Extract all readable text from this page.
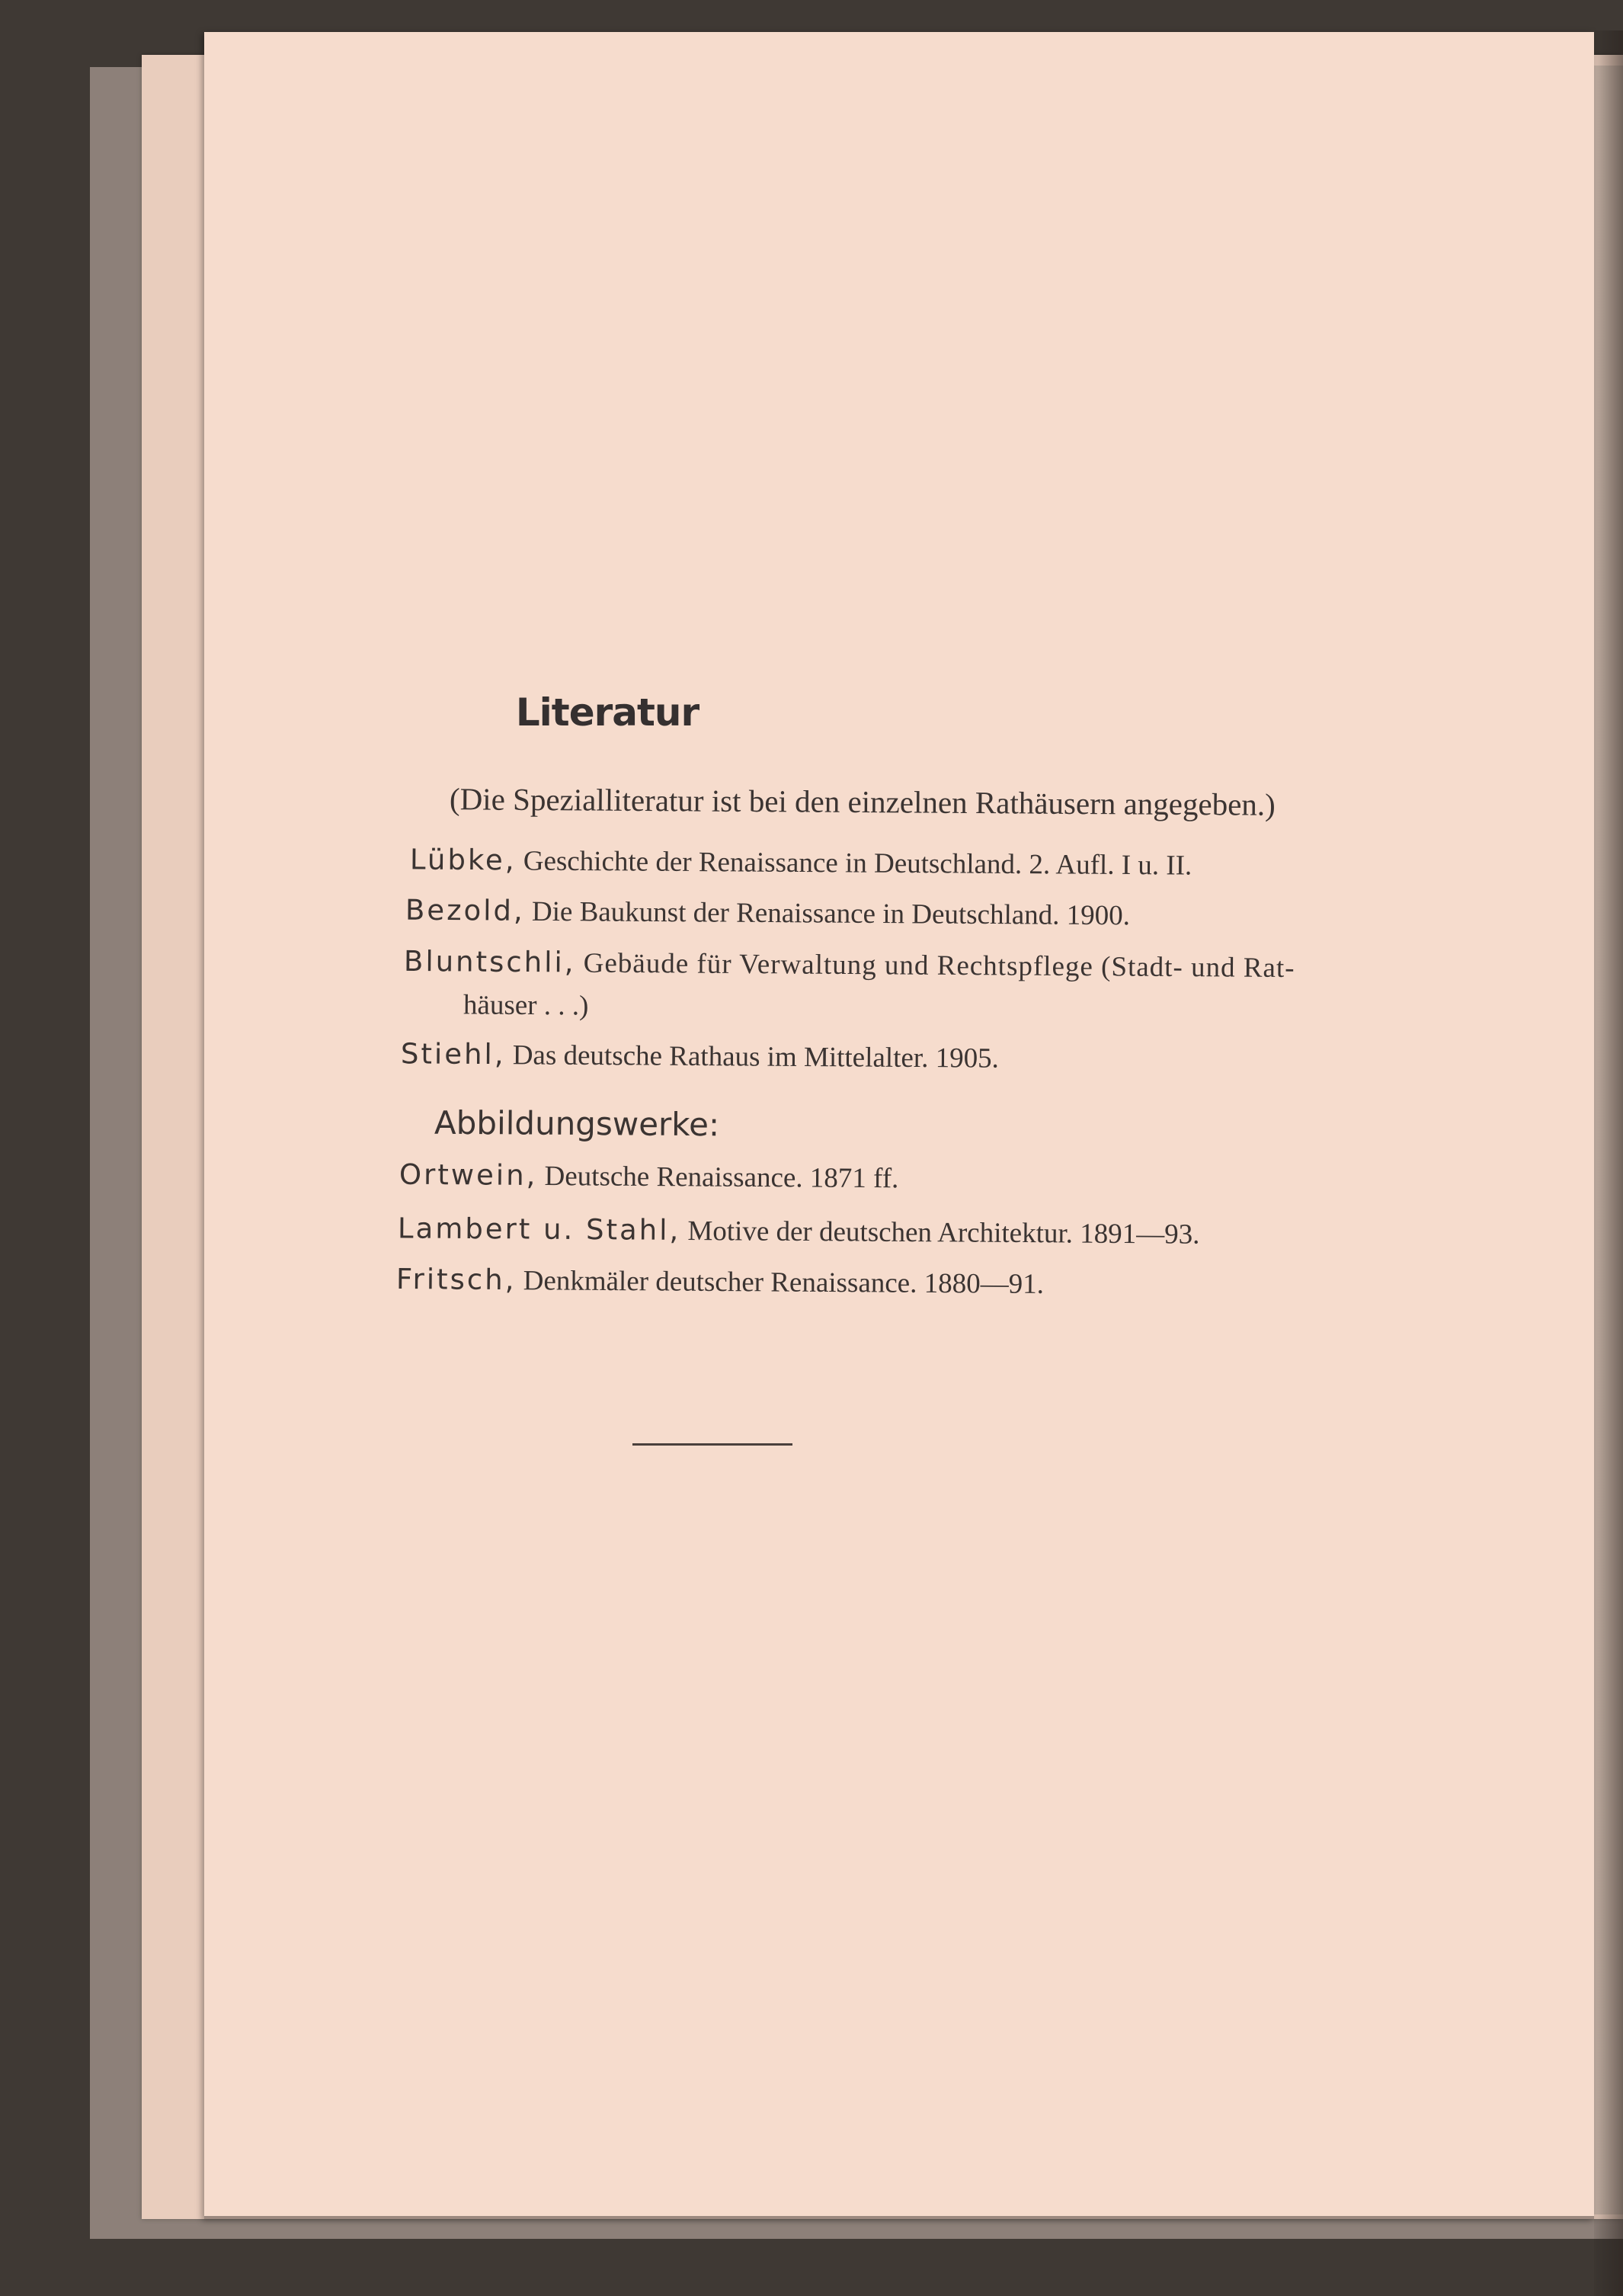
Literatur
(Die Spezialliteratur ist bei den einzelnen Rathäusern angegeben.)
Lübke, Geschichte der Renaissance in Deutschland. 2. Aufl. I u. II.
Bezold, Die Baukunst der Renaissance in Deutschland. 1900.
Bluntschli, Gebäude für Verwaltung und Rechtspflege (Stadt- und Rat-
häuser . . .)
Stiehl, Das deutsche Rathaus im Mittelalter. 1905.
Abbildungswerke:
Ortwein, Deutsche Renaissance. 1871 ff.
Lambert u. Stahl, Motive der deutschen Architektur. 1891—93.
Fritsch, Denkmäler deutscher Renaissance. 1880—91.
